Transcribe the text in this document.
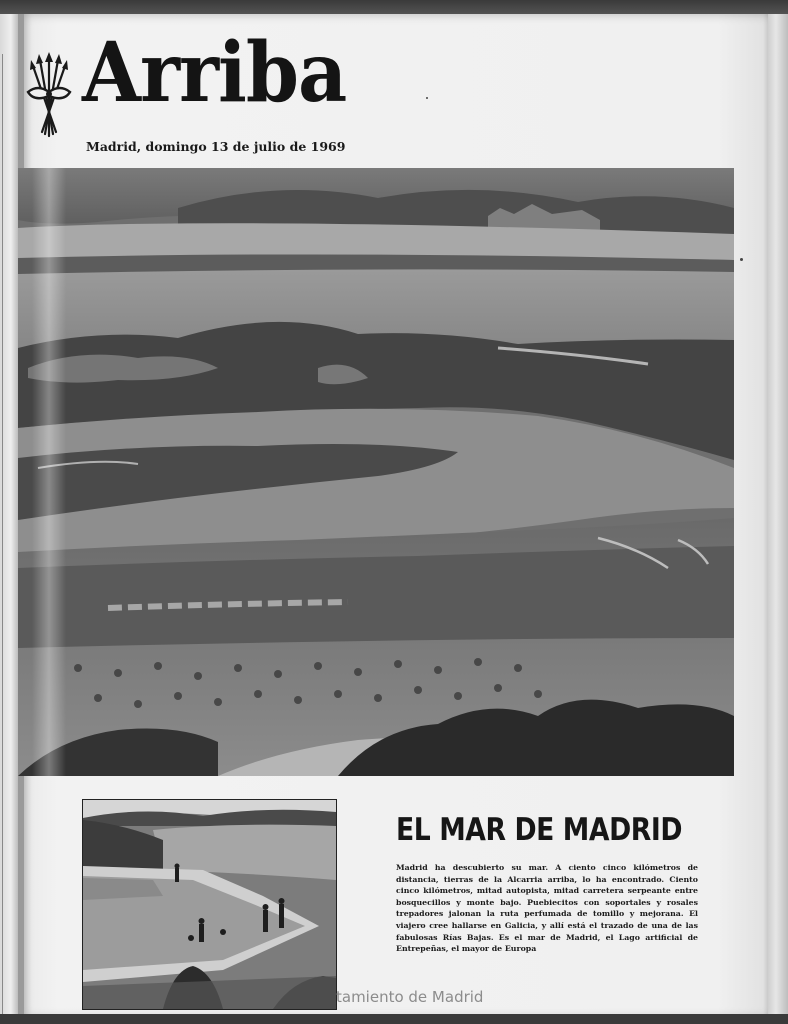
Arriba
Madrid, domingo 13 de julio de 1969
EL MAR DE MADRID

Madrid ha descubierto su mar. A ciento cinco kilómetros de distancia, tierras de la Alcarria arriba, lo ha encontrado. Ciento cinco kilómetros, mitad autopista, mitad carretera serpeante entre bosquecillos y monte bajo. Puebiecitos con soportales y rosales trepadores jalonan la ruta perfumada de tomillo y mejorana. El viajero cree hallarse en Galicia, y allí está el trazado de una de las fabulosas Rías Bajas. Es el mar de Madrid, el Lago artificial de Entrepeñas, el mayor de Europa

tamiento de Madrid
